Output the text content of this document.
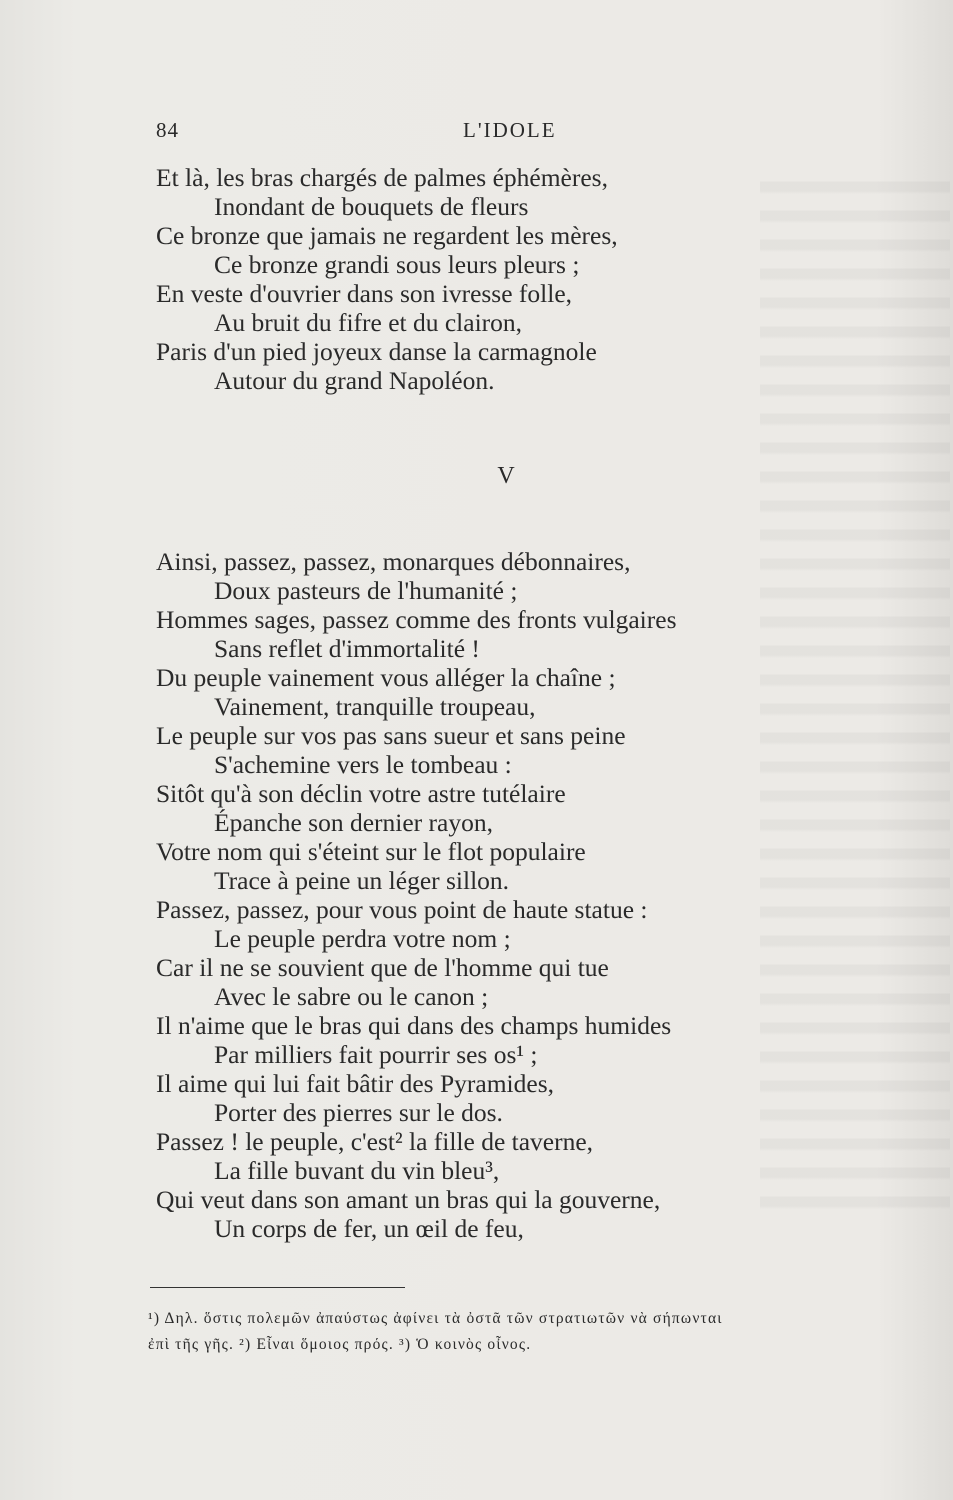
84	L'IDOLE
Et là, les bras chargés de palmes éphémères,
Inondant de bouquets de fleurs
Ce bronze que jamais ne regardent les mères,
Ce bronze grandi sous leurs pleurs ;
En veste d'ouvrier dans son ivresse folle,
Au bruit du fifre et du clairon,
Paris d'un pied joyeux danse la carmagnole
Autour du grand Napoléon.
V
Ainsi, passez, passez, monarques débonnaires,
Doux pasteurs de l'humanité ;
Hommes sages, passez comme des fronts vulgaires
Sans reflet d'immortalité !
Du peuple vainement vous alléger la chaîne ;
Vainement, tranquille troupeau,
Le peuple sur vos pas sans sueur et sans peine
S'achemine vers le tombeau :
Sitôt qu'à son déclin votre astre tutélaire
Épanche son dernier rayon,
Votre nom qui s'éteint sur le flot populaire
Trace à peine un léger sillon.
Passez, passez, pour vous point de haute statue :
Le peuple perdra votre nom ;
Car il ne se souvient que de l'homme qui tue
Avec le sabre ou le canon ;
Il n'aime que le bras qui dans des champs humides
Par milliers fait pourrir ses os¹ ;
Il aime qui lui fait bâtir des Pyramides,
Porter des pierres sur le dos.
Passez ! le peuple, c'est² la fille de taverne,
La fille buvant du vin bleu³,
Qui veut dans son amant un bras qui la gouverne,
Un corps de fer, un œil de feu,
¹) Δηλ. ὅστις πολεμῶν ἀπαύστως ἀφίνει τὰ ὀστᾶ τῶν στρατιωτῶν νὰ σήπωνται
ἐπὶ τῆς γῆς. ²) Εἶναι ὅμοιος πρός. ³) Ὁ κοινὸς οἶνος.
